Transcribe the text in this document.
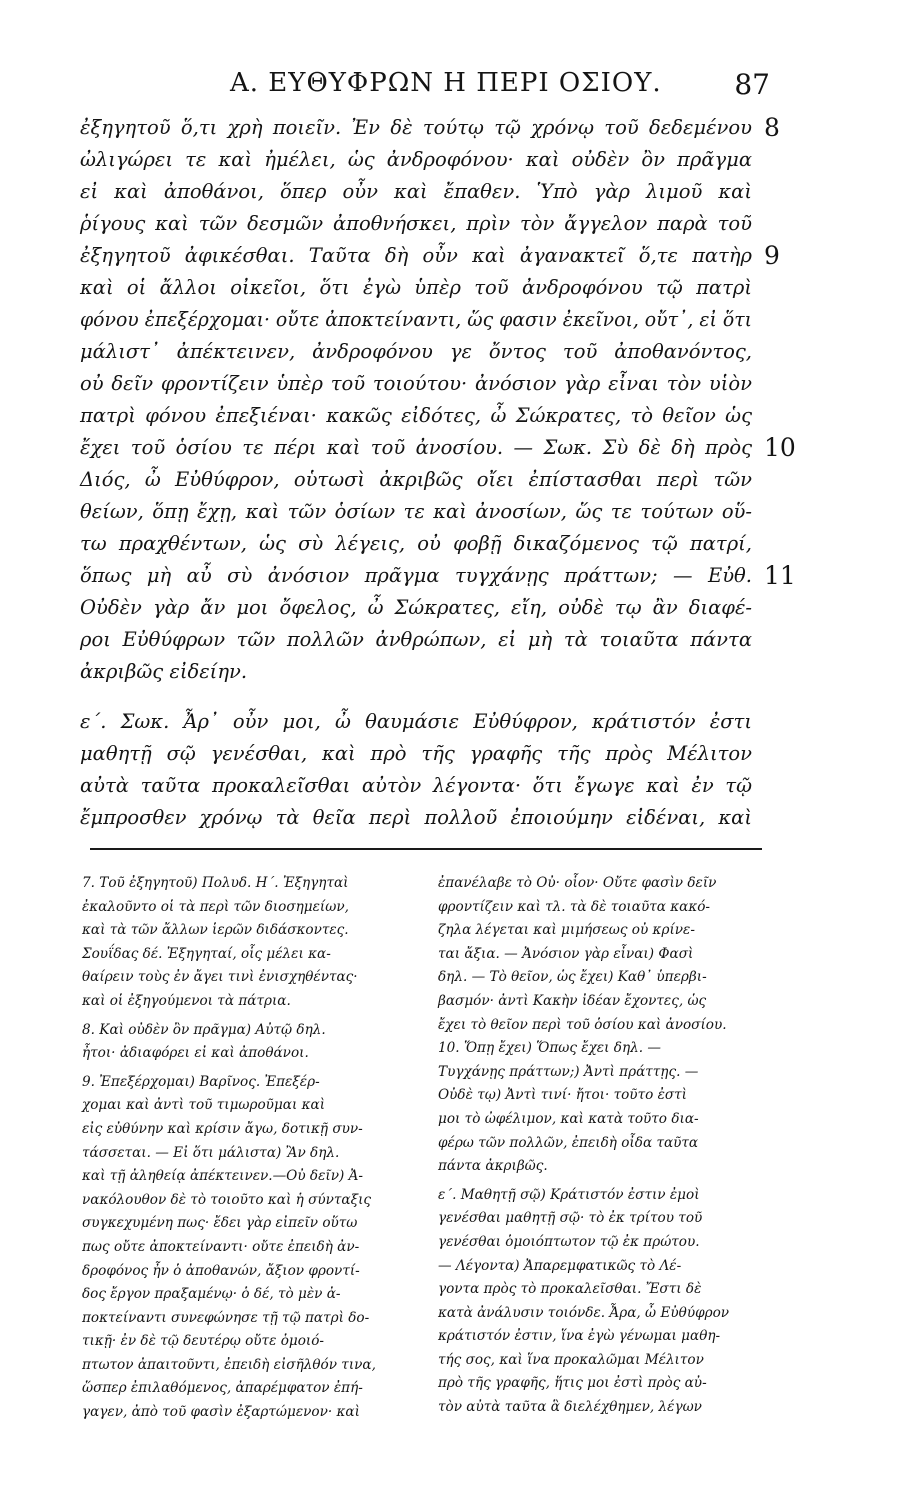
Α. ΕΥΘΥΦΡΩΝ Η ΠΕΡΙ ΟΣΙΟΥ.	87
ἐξηγητοῦ ὅ,τι χρὴ ποιεῖν. Ἐν δὲ τούτῳ τῷ χρόνῳ τοῦ δεδεμένου 8
ὠλιγώρει τε καὶ ἠμέλει, ὡς ἀνδροφόνου· καὶ οὐδὲν ὂν πρᾶγμα
εἰ καὶ ἀποθάνοι, ὅπερ οὖν καὶ ἔπαθεν. Ὑπὸ γὰρ λιμοῦ καὶ
ῥίγους καὶ τῶν δεσμῶν ἀποθνήσκει, πρὶν τὸν ἄγγελον παρὰ τοῦ
ἐξηγητοῦ ἀφικέσθαι. Ταῦτα δὴ οὖν καὶ ἀγανακτεῖ ὅ,τε πατὴρ 9
καὶ οἱ ἄλλοι οἰκεῖοι, ὅτι ἐγὼ ὑπὲρ τοῦ ἀνδροφόνου τῷ πατρὶ
φόνου ἐπεξέρχομαι· οὔτε ἀποκτείναντι, ὥς φασιν ἐκεῖνοι, οὔτ᾿, εἰ ὅτι
μάλιστ᾿ ἀπέκτεινεν, ἀνδροφόνου γε ὄντος τοῦ ἀποθανόντος,
οὐ δεῖν φροντίζειν ὑπὲρ τοῦ τοιούτου· ἀνόσιον γὰρ εἶναι τὸν υἱὸν
πατρὶ φόνου ἐπεξιέναι· κακῶς εἰδότες, ὦ Σώκρατες, τὸ θεῖον ὡς
ἔχει τοῦ ὁσίου τε πέρι καὶ τοῦ ἀνοσίου. — Σωκ. Σὺ δὲ δὴ πρὸς 10
Διός, ὦ Εὐθύφρον, οὑτωσὶ ἀκριβῶς οἴει ἐπίστασθαι περὶ τῶν
θείων, ὅπῃ ἔχῃ, καὶ τῶν ὁσίων τε καὶ ἀνοσίων, ὥς τε τούτων οὕ-
τω πραχθέντων, ὡς σὺ λέγεις, οὐ φοβῇ δικαζόμενος τῷ πατρί,
ὅπως μὴ αὖ σὺ ἀνόσιον πρᾶγμα τυγχάνῃς πράττων; — Εὐθ. 11
Οὐδὲν γὰρ ἄν μοι ὄφελος, ὦ Σώκρατες, εἴη, οὐδὲ τῳ ἂν διαφέ-
ροι Εὐθύφρων τῶν πολλῶν ἀνθρώπων, εἰ μὴ τὰ τοιαῦτα πάντα
ἀκριβῶς εἰδείην.
ε΄. Σωκ. Ἆρ᾿ οὖν μοι, ὦ θαυμάσιε Εὐθύφρον, κράτιστόν ἐστι
μαθητῇ σῷ γενέσθαι, καὶ πρὸ τῆς γραφῆς τῆς πρὸς Μέλιτον
αὐτὰ ταῦτα προκαλεῖσθαι αὐτὸν λέγοντα· ὅτι ἔγωγε καὶ ἐν τῷ
ἔμπροσθεν χρόνῳ τὰ θεῖα περὶ πολλοῦ ἐποιούμην εἰδέναι, καὶ
7. Τοῦ ἐξηγητοῦ) Πολυδ. Η΄. Ἐξηγηταὶ
ἐκαλοῦντο οἱ τὰ περὶ τῶν διοσημείων,
καὶ τὰ τῶν ἄλλων ἱερῶν διδάσκοντες.
Σουΐδας δέ. Ἐξηγηταί, οἷς μέλει κα-
θαίρειν τοὺς ἐν ἄγει τινὶ ἐνισχηθέντας·
καὶ οἱ ἐξηγούμενοι τὰ πάτρια.
8. Καὶ οὐδὲν ὂν πρᾶγμα) Αὐτῷ δηλ.
ἦτοι· ἀδιαφόρει εἰ καὶ ἀποθάνοι.
9. Ἐπεξέρχομαι) Βαρῖνος. Ἐπεξέρ-
χομαι καὶ ἀντὶ τοῦ τιμωροῦμαι καὶ
εἰς εὐθύνην καὶ κρίσιν ἄγω, δοτικῇ συν-
τάσσεται. — Εἰ ὅτι μάλιστα) Ἂν δηλ.
καὶ τῇ ἀληθείᾳ ἀπέκτεινεν.—Οὐ δεῖν) Ἀ-
νακόλουθον δὲ τὸ τοιοῦτο καὶ ἡ σύνταξις
συγκεχυμένη πως· ἔδει γὰρ εἰπεῖν οὕτω
πως οὔτε ἀποκτείναντι· οὔτε ἐπειδὴ ἀν-
δροφόνος ἦν ὁ ἀποθανών, ἄξιον φροντί-
δος ἔργον πραξαμένῳ· ὁ δέ, τὸ μὲν ἀ-
ποκτείναντι συνεφώνησε τῇ τῷ πατρὶ δο-
τικῇ· ἐν δὲ τῷ δευτέρῳ οὔτε ὁμοιό-
πτωτον ἀπαιτοῦντι, ἐπειδὴ εἰσῆλθόν τινα,
ὥσπερ ἐπιλαθόμενος, ἀπαρέμφατον ἐπή-
γαγεν, ἀπὸ τοῦ φασὶν ἐξαρτώμενον· καὶ
ἐπανέλαβε τὸ Οὐ· οἷον· Οὔτε φασὶν δεῖν
φροντίζειν καὶ τλ. τὰ δὲ τοιαῦτα κακό-
ζηλα λέγεται καὶ μιμήσεως οὐ κρίνε-
ται ἄξια. — Ἀνόσιον γὰρ εἶναι) Φασὶ
δηλ. — Τὸ θεῖον, ὡς ἔχει) Καθ᾿ ὑπερβι-
βασμόν· ἀντὶ Κακὴν ἰδέαν ἔχοντες, ὡς
ἔχει τὸ θεῖον περὶ τοῦ ὁσίου καὶ ἀνοσίου.
10. Ὅπῃ ἔχει) Ὅπως ἔχει δηλ. —
Τυγχάνῃς πράττων;) Ἀντὶ πράττῃς. —
Οὐδὲ τῳ) Ἀντὶ τινί· ἤτοι· τοῦτο ἐστὶ
μοι τὸ ὠφέλιμον, καὶ κατὰ τοῦτο δια-
φέρω τῶν πολλῶν, ἐπειδὴ οἶδα ταῦτα
πάντα ἀκριβῶς.
ε΄. Μαθητῇ σῷ) Κράτιστόν ἐστιν ἐμοὶ
γενέσθαι μαθητῇ σῷ· τὸ ἐκ τρίτου τοῦ
γενέσθαι ὁμοιόπτωτον τῷ ἐκ πρώτου.
— Λέγοντα) Ἀπαρεμφατικῶς τὸ Λέ-
γοντα πρὸς τὸ προκαλεῖσθαι. Ἔστι δὲ
κατὰ ἀνάλυσιν τοιόνδε. Ἆρα, ὦ Εὐθύφρον
κράτιστόν ἐστιν, ἵνα ἐγὼ γένωμαι μαθη-
τής σος, καὶ ἵνα προκαλῶμαι Μέλιτον
πρὸ τῆς γραφῆς, ἥτις μοι ἐστὶ πρὸς αὐ-
τὸν αὐτὰ ταῦτα ἃ διελέχθημεν, λέγων
